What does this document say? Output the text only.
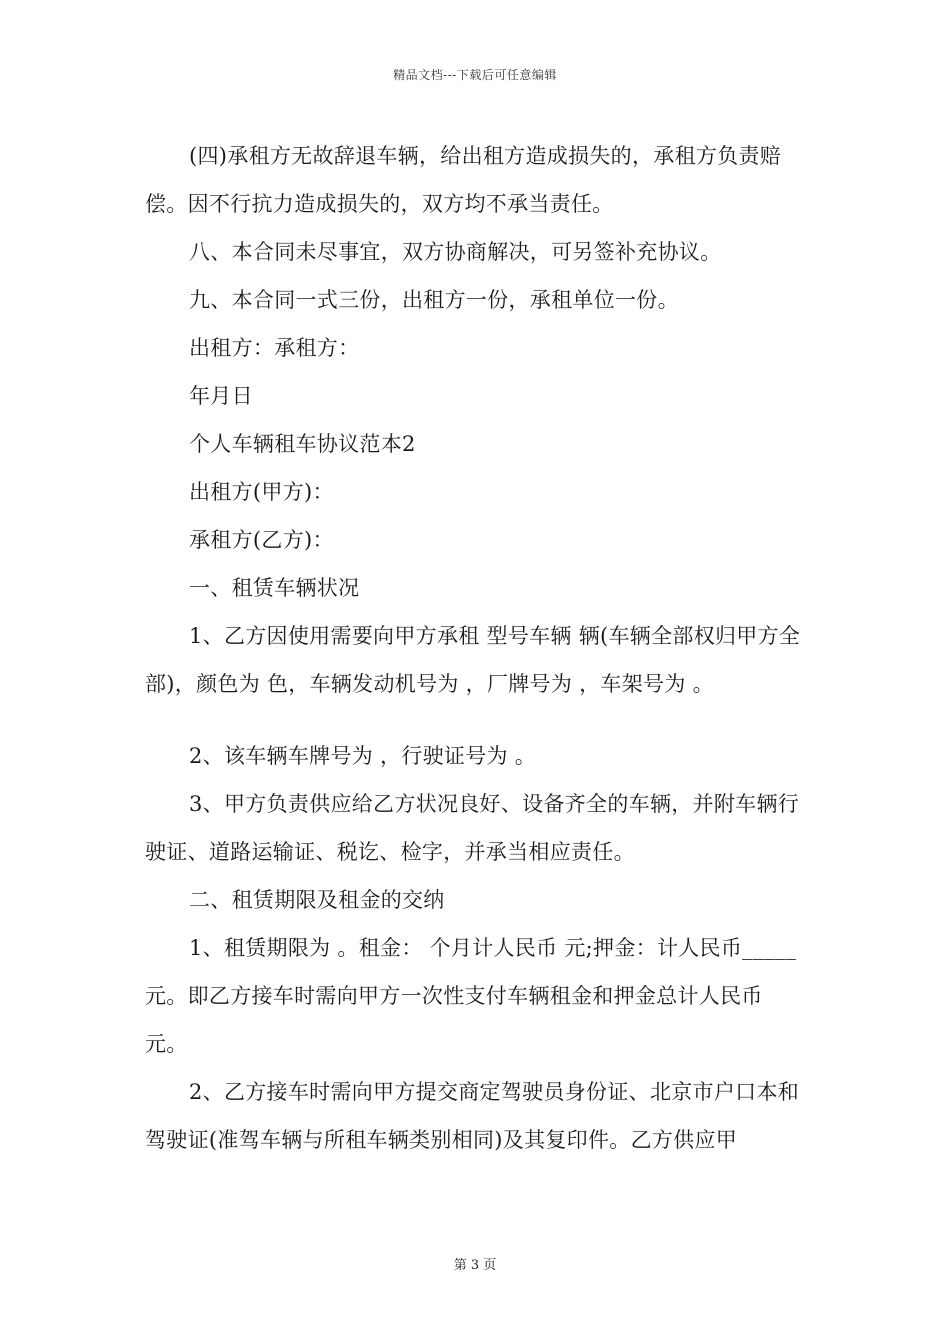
精品文档---下载后可任意编辑

(四)承租方无故辞退车辆，给出租方造成损失的，承租方负责赔偿。因不行抗力造成损失的，双方均不承当责任。

八、本合同未尽事宜，双方协商解决，可另签补充协议。

九、本合同一式三份，出租方一份，承租单位一份。

出租方：承租方：

年月日

个人车辆租车协议范本2

出租方(甲方)：

承租方(乙方)：

一、租赁车辆状况

1、乙方因使用需要向甲方承租 型号车辆 辆(车辆全部权归甲方全部)，颜色为 色，车辆发动机号为 ，厂牌号为 ，车架号为 。

2、该车辆车牌号为 ，行驶证号为 。

3、甲方负责供应给乙方状况良好、设备齐全的车辆，并附车辆行驶证、道路运输证、税讫、检字，并承当相应责任。

二、租赁期限及租金的交纳

1、租赁期限为 。租金： 个月计人民币 元;押金：计人民币_____元。即乙方接车时需向甲方一次性支付车辆租金和押金总计人民币 元。

2、乙方接车时需向甲方提交商定驾驶员身份证、北京市户口本和驾驶证(准驾车辆与所租车辆类别相同)及其复印件。乙方供应甲

第 3 页
